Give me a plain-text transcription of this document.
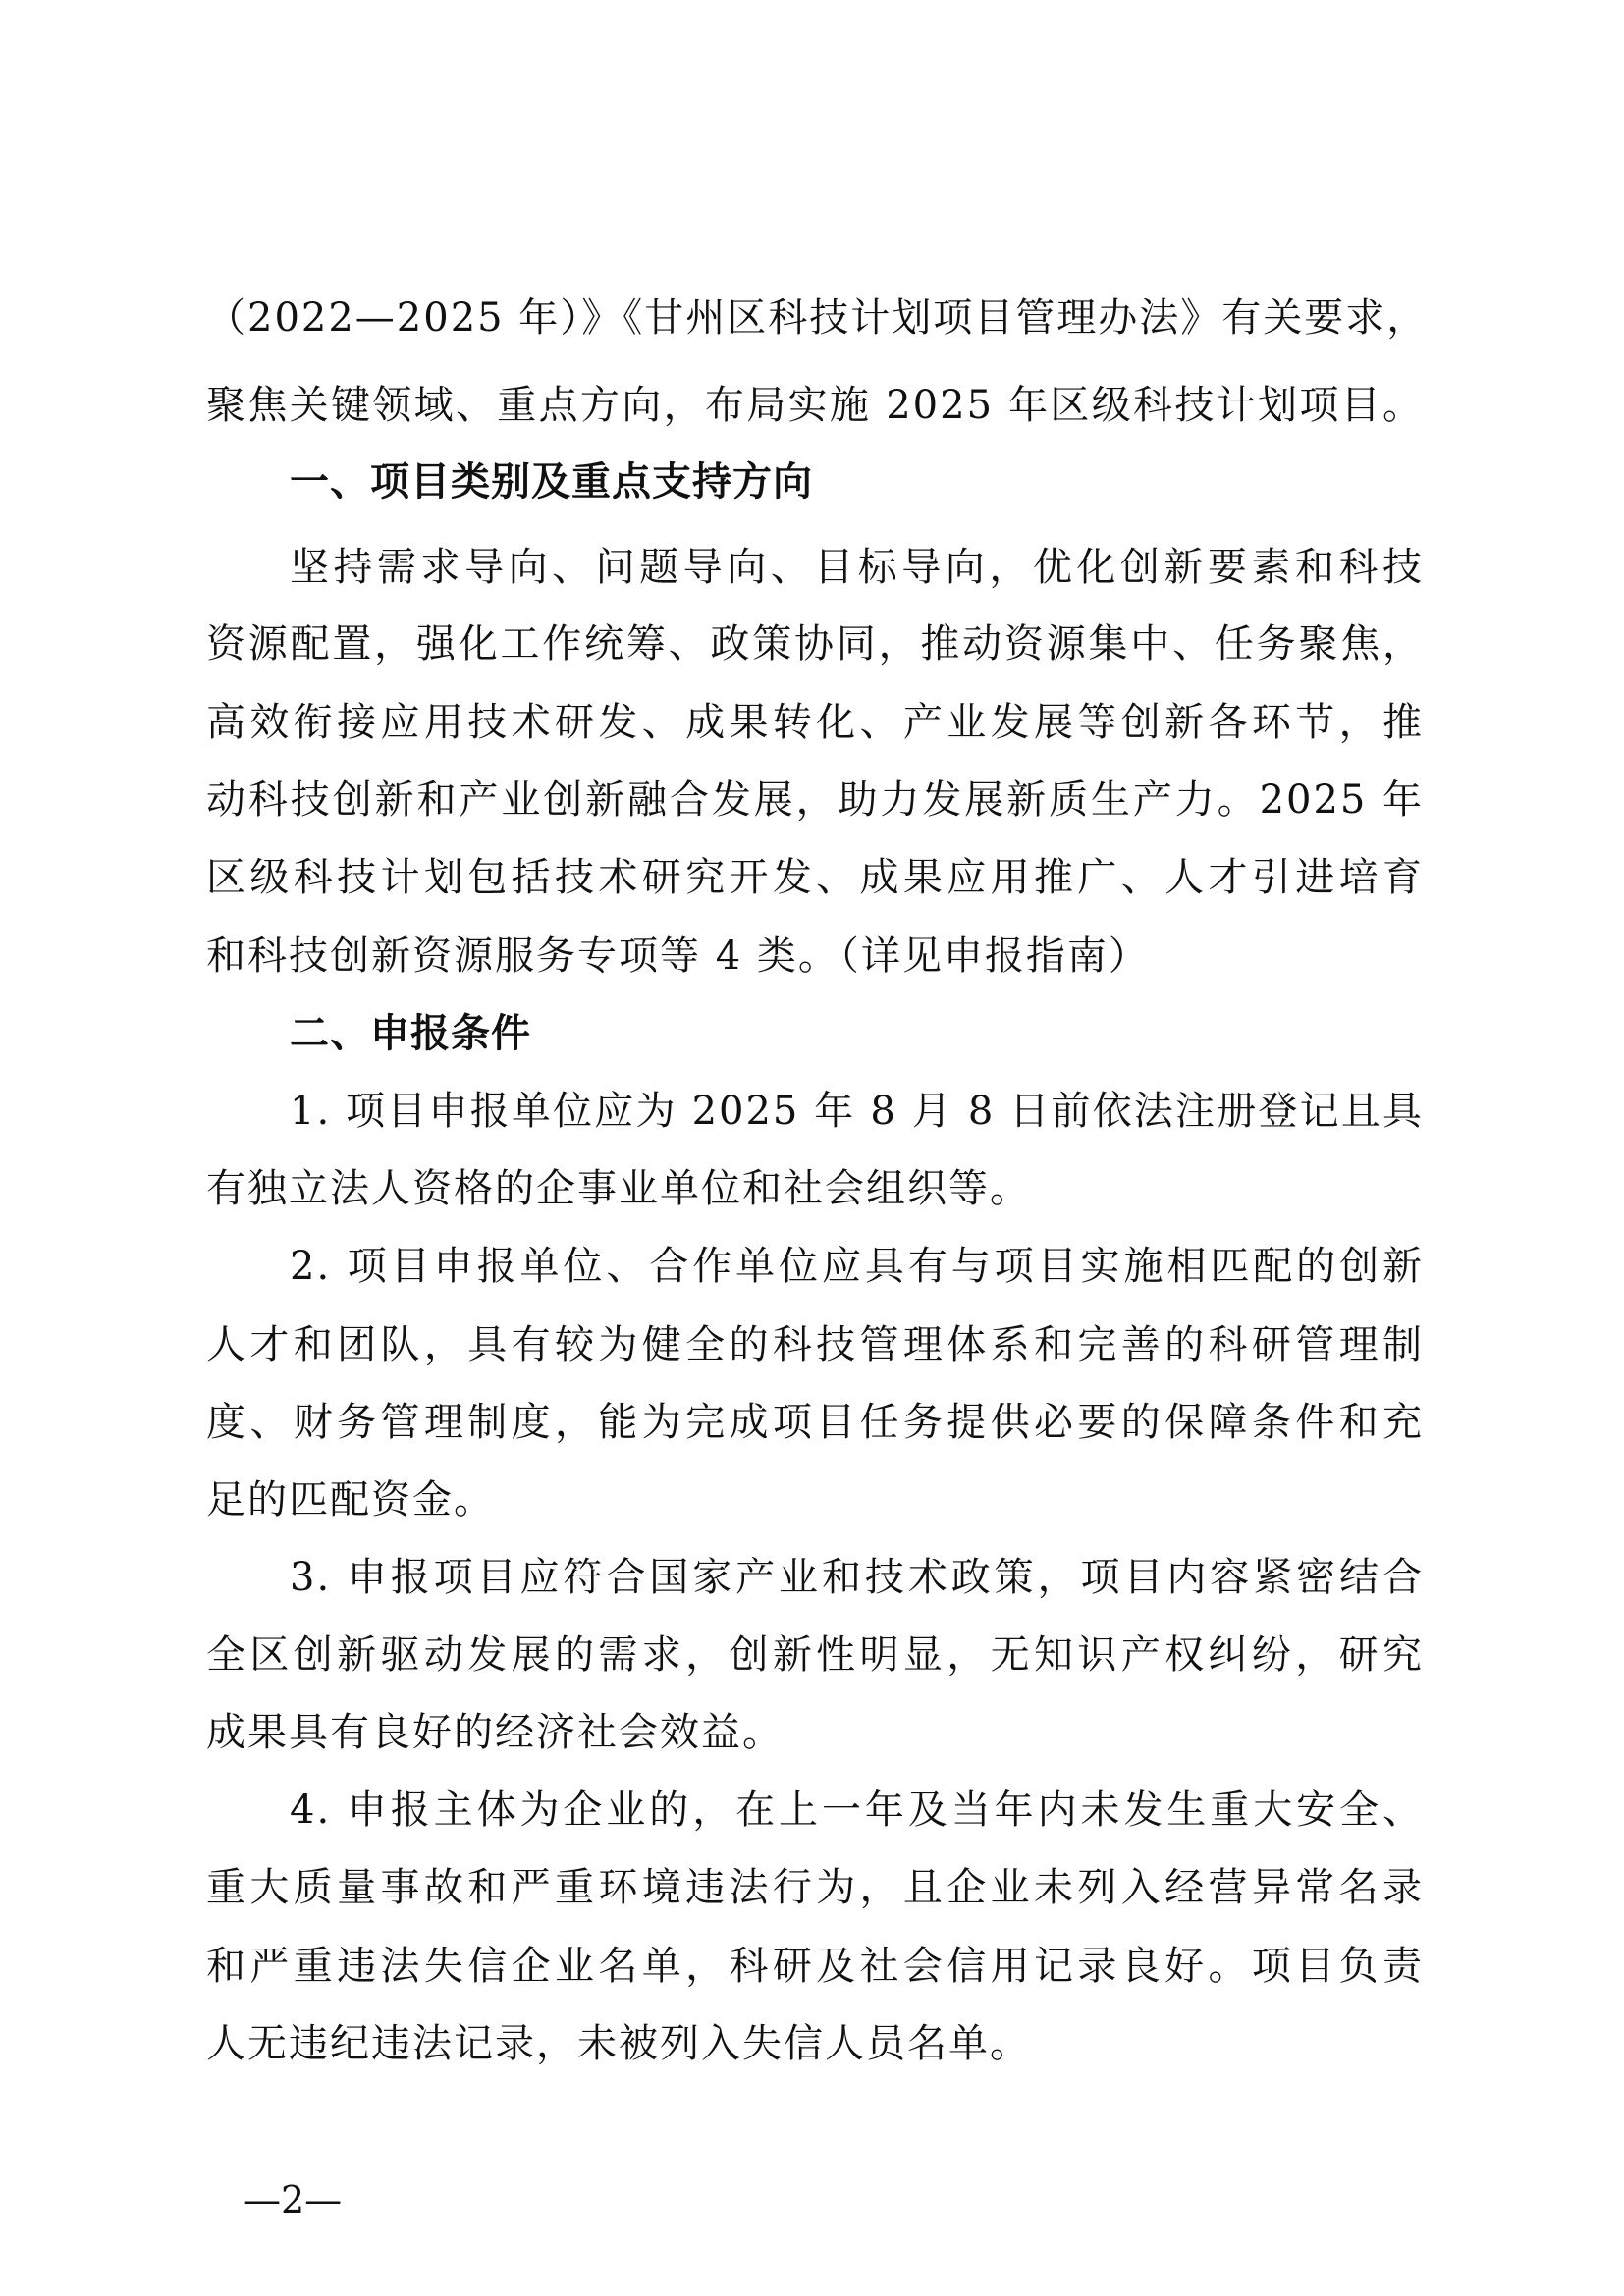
（2022—2025 年）》《甘州区科技计划项目管理办法》有关要求，
聚焦关键领域、重点方向，布局实施 2025 年区级科技计划项目。
一、项目类别及重点支持方向
坚持需求导向、问题导向、目标导向，优化创新要素和科技
资源配置，强化工作统筹、政策协同，推动资源集中、任务聚焦，
高效衔接应用技术研发、成果转化、产业发展等创新各环节，推
动科技创新和产业创新融合发展，助力发展新质生产力。2025 年
区级科技计划包括技术研究开发、成果应用推广、人才引进培育
和科技创新资源服务专项等 4 类。（详见申报指南）
二、申报条件
1. 项目申报单位应为 2025 年 8 月 8 日前依法注册登记且具
有独立法人资格的企事业单位和社会组织等。
2. 项目申报单位、合作单位应具有与项目实施相匹配的创新
人才和团队，具有较为健全的科技管理体系和完善的科研管理制
度、财务管理制度，能为完成项目任务提供必要的保障条件和充
足的匹配资金。
3. 申报项目应符合国家产业和技术政策，项目内容紧密结合
全区创新驱动发展的需求，创新性明显，无知识产权纠纷，研究
成果具有良好的经济社会效益。
4. 申报主体为企业的，在上一年及当年内未发生重大安全、
重大质量事故和严重环境违法行为，且企业未列入经营异常名录
和严重违法失信企业名单，科研及社会信用记录良好。项目负责
人无违纪违法记录，未被列入失信人员名单。
—2—
